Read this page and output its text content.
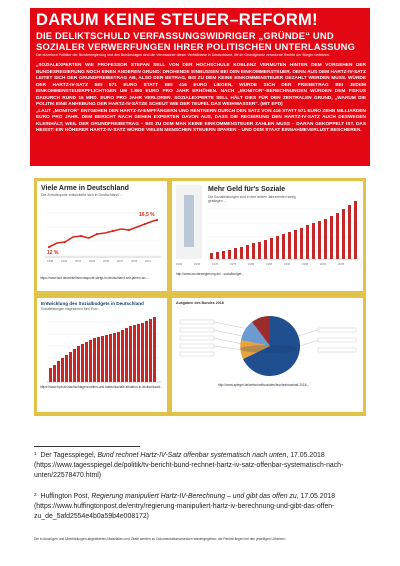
DARUM KEINE STEUER–REFORM!
DIE DELIKTSCHULD VERFASSUNGSWIDRIGER „GRÜNDE“ UND SOZIALER VERWERFUNGEN IHRER POLITISCHEN UNTERLASSUNG
Die einzelnen Politiker der Bundesregierung und des Bundestages sind die Verursacher dieser Verhältnisse in Deutschland, die im Grundgesetz verankerte Rechte der Bürger verletzen.

„SOZIALEXPERTEN WIE PROFESSOR STEFAN SELL VON DER HOCHSCHULE KOBLENZ VERMUTEN HINTER DEM VORGEHEN DER BUNDESREGIERUNG NOCH EINEN ANDEREN GRUND: DROHENDE EINBUSSEN BEI DEN EINKOMMENSTEUER. DENN AUS DEM HARTZ-IV-SATZ LEITET SICH DER GRUNDFREIBETRAG AB, ALSO DER BETRAG, BIS ZU DEM KEINE EINKOMMENSTEUER GEZAHLT WERDEN MUSS. WÜRDE DER HARTZ-IV-SATZ BEI 571 EURO STATT BEI 416 EURO LIEGEN, WÜRDE SICH DER FREIBETRAG BEI JEDEM EINKOMMENSTEUERPFLICHTIGEN UM 1.860 EURO PRO JAHR ERHÖHEN. NACH „MONITOR“-BERECHNUNGEN WÜRDEN DEM FISKUS DADURCH RUND 15 MRD. EURO PRO JAHR VERLOREN. SOZIALEXPERTE SELL HÄLT DIES FÜR DEN ZENTRALEN GRUND, „WARUM DIE POLITIK EINE ANHEBUNG DER HARTZ-IV-SÄTZE SCHEUT WIE DER TEUFEL DAS WEIHWASSER“. (MIT EPD)

„LAUT „MONITOR“ ENTGEHEN DEN HARTZ-IV-EMPFÄNGERN UND RENTNERN DURCH DEN SATZ VON 416 STATT 571 EURO ZEHN MILLIARDEN EURO PRO JAHR. DEM BERICHT NACH GEHEN EXPERTEN DAVON AUS, DASS DIE REGIERUNG DEN HARTZ-IV-SATZ AUCH DESWEGEN KLEINHÄLT, WEIL DER GRUNDFREIBETRAG – BIS ZU DEM MAN KEINE EINKOMMENSTEUER ZAHLEN MUSS – DARAN GEKOPPELT IST. DAS HEISST: EIN HÖHERER HARTZ-IV-SATZ WÜRDE VIELEN MENSCHEN STEUERN SPAREN – UND DEM STAAT EINNAHMEVERLUST BESCHEREN.

Viele Arme in Deutschland
Die Armutsquote entwickelte sich in Deutschland ...
12 %
16,5 %
1998	1999	2001	2003	2005	2007	2009	2011
https://www.iwd.de/artikel/armutsquote-steigt-in-deutschland-seit-jahren-an-...
1960	1965	1970	1975	1980	1985	1990	1995	2000	2005
Mehr Geld für's Soziale
Die Sozialleistungen sind in den letzten Jahrzehnten stetig gestiegen ...
http://www.bundesregierung.de/...sozialbudget...
Entwicklung des Sozialbudgets in Deutschland
Sozialleistungen insgesamt in Mrd. Euro
https://www.bpb.de/nachschlagen/zahlen-und-fakten/soziale-situation-in-deutschland/...
Ausgaben des Bundes 2018
http://www.spiegel.de/wirtschaft/soziales/bundeshaushalt-2018-...
$^1$ Der Tagesspiegel, Bund rechnet Hartz-IV-Satz offenbar systematisch nach unten, 17.05.2018 (https://www.tagesspiegel.de/politik/tv-bericht-bund-rechnet-hartz-iv-satz-offenbar-systematisch-nach-unten/22578470.html)
$^2$ Huffington Post, Regierung manipuliert Hartz-IV-Berechnung – und gibt das offen zu, 17.05.2018 (https://www.huffingtonpost.de/entry/regierung-manipuliert-hartz-iv-berechnung-und-gibt-das-offen-zu_de_5afd2554e4b0a59b4e008172)
Die in Auszügen und Übertitelungen abgebildeten Materialien und Zitate werden zu Dokumentationszwecken wiedergegeben; die Rechte liegen bei den jeweiligen Urhebern.
